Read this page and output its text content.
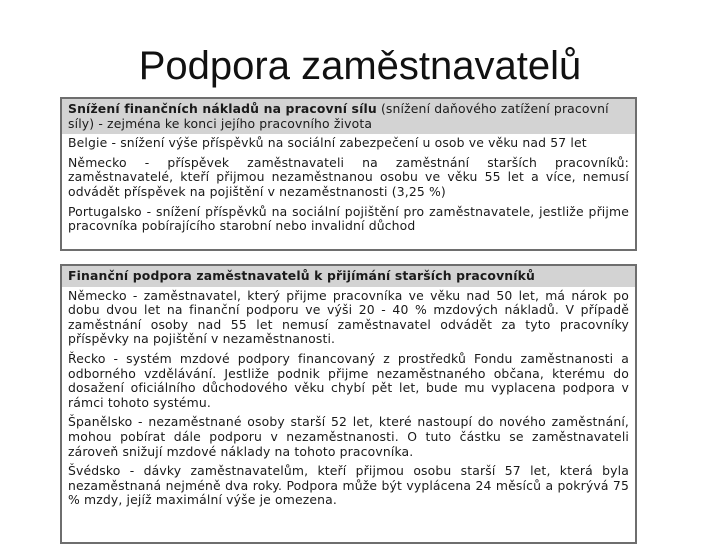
Podpora zaměstnavatelů
Snížení finančních nákladů na pracovní sílu (snížení daňového zatížení pracovní síly) - zejména ke konci jejího pracovního života

Belgie - snížení výše příspěvků na sociální zabezpečení u osob ve věku nad 57 let

Německo - příspěvek zaměstnavateli na zaměstnání starších pracovníků: zaměstnavatelé, kteří přijmou nezaměstnanou osobu ve věku 55 let a více, nemusí odvádět příspěvek na pojištění v nezaměstnanosti (3,25 %)

Portugalsko - snížení příspěvků na sociální pojištění pro zaměstnavatele, jestliže přijme pracovníka pobírajícího starobní nebo invalidní důchod

Finanční podpora zaměstnavatelů k přijímání starších pracovníků

Německo - zaměstnavatel, který přijme pracovníka ve věku nad 50 let, má nárok po dobu dvou let na finanční podporu ve výši 20 - 40 % mzdových nákladů. V případě zaměstnání osoby nad 55 let nemusí zaměstnavatel odvádět za tyto pracovníky příspěvky na pojištění v nezaměstnanosti.

Řecko - systém mzdové podpory financovaný z prostředků Fondu zaměstnanosti a odborného vzdělávání. Jestliže podnik přijme nezaměstnaného občana, kterému do dosažení oficiálního důchodového věku chybí pět let, bude mu vyplacena podpora v rámci tohoto systému.

Španělsko - nezaměstnané osoby starší 52 let, které nastoupí do nového zaměstnání, mohou pobírat dále podporu v nezaměstnanosti. O tuto částku se zaměstnavateli zároveň snižují mzdové náklady na tohoto pracovníka.

Švédsko - dávky zaměstnavatelům, kteří přijmou osobu starší 57 let, která byla nezaměstnaná nejméně dva roky. Podpora může být vyplácena 24 měsíců a pokrývá 75 % mzdy, jejíž maximální výše je omezena.
